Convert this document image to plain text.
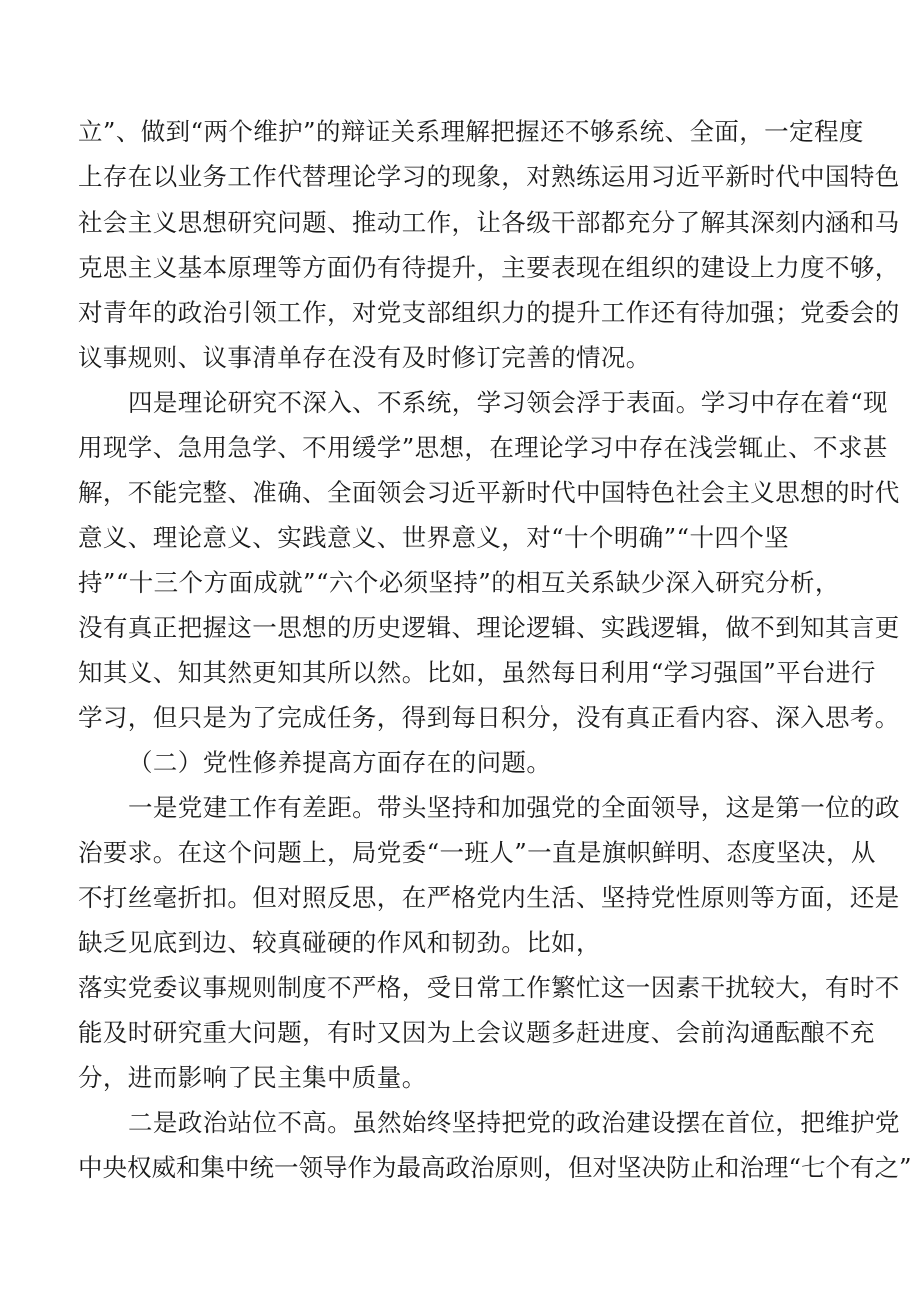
立”、做到“两个维护”的辩证关系理解把握还不够系统、全面，一定程度
上存在以业务工作代替理论学习的现象，对熟练运用习近平新时代中国特色
社会主义思想研究问题、推动工作，让各级干部都充分了解其深刻内涵和马
克思主义基本原理等方面仍有待提升，主要表现在组织的建设上力度不够，
对青年的政治引领工作，对党支部组织力的提升工作还有待加强；党委会的
议事规则、议事清单存在没有及时修订完善的情况。
四是理论研究不深入、不系统，学习领会浮于表面。学习中存在着“现
用现学、急用急学、不用缓学”思想，在理论学习中存在浅尝辄止、不求甚
解，不能完整、准确、全面领会习近平新时代中国特色社会主义思想的时代
意义、理论意义、实践意义、世界意义，对“十个明确”“十四个坚
持”“十三个方面成就”“六个必须坚持”的相互关系缺少深入研究分析，
没有真正把握这一思想的历史逻辑、理论逻辑、实践逻辑，做不到知其言更
知其义、知其然更知其所以然。比如，虽然每日利用“学习强国”平台进行
学习，但只是为了完成任务，得到每日积分，没有真正看内容、深入思考。
（二）党性修养提高方面存在的问题。
一是党建工作有差距。带头坚持和加强党的全面领导，这是第一位的政
治要求。在这个问题上，局党委“一班人”一直是旗帜鲜明、态度坚决，从
不打丝毫折扣。但对照反思，在严格党内生活、坚持党性原则等方面，还是
缺乏见底到边、较真碰硬的作风和韧劲。比如，
落实党委议事规则制度不严格，受日常工作繁忙这一因素干扰较大，有时不
能及时研究重大问题，有时又因为上会议题多赶进度、会前沟通酝酿不充
分，进而影响了民主集中质量。
二是政治站位不高。虽然始终坚持把党的政治建设摆在首位，把维护党
中央权威和集中统一领导作为最高政治原则，但对坚决防止和治理“七个有之”
